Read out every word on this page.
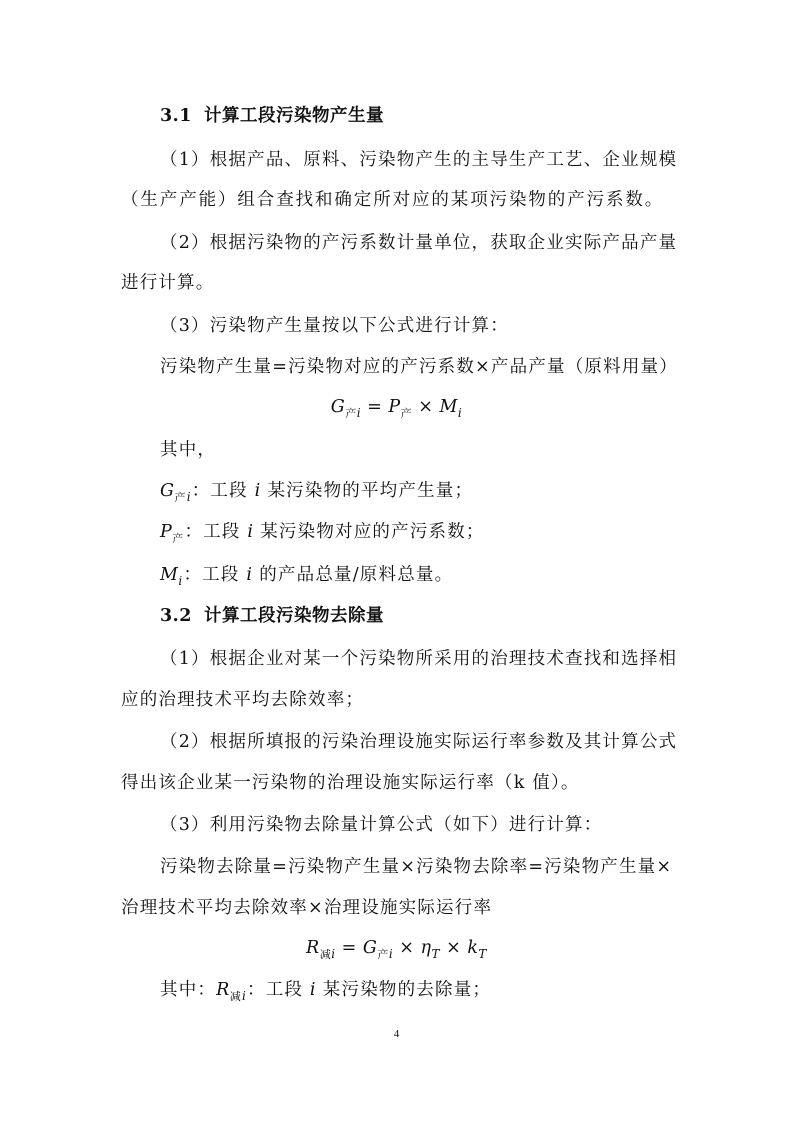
3.1 计算工段污染物产生量
（1）根据产品、原料、污染物产生的主导生产工艺、企业规模
（生产产能）组合查找和确定所对应的某项污染物的产污系数。
（2）根据污染物的产污系数计量单位，获取企业实际产品产量
进行计算。
（3）污染物产生量按以下公式进行计算：
污染物产生量=污染物对应的产污系数×产品产量（原料用量）
$G_{产i} = P_产 \times M_i$
其中，
$G_{产i}$：工段 i 某污染物的平均产生量；
$P_产$：工段 i 某污染物对应的产污系数；
$M_i$：工段 i 的产品总量/原料总量。
3.2 计算工段污染物去除量
（1）根据企业对某一个污染物所采用的治理技术查找和选择相
应的治理技术平均去除效率；
（2）根据所填报的污染治理设施实际运行率参数及其计算公式
得出该企业某一污染物的治理设施实际运行率（k 值）。
（3）利用污染物去除量计算公式（如下）进行计算：
污染物去除量=污染物产生量×污染物去除率=污染物产生量×
治理技术平均去除效率×治理设施实际运行率
$R_{减i} = G_{产i} \times \eta_T \times k_T$
其中：$R_{减i}$：工段 i 某污染物的去除量；
4
